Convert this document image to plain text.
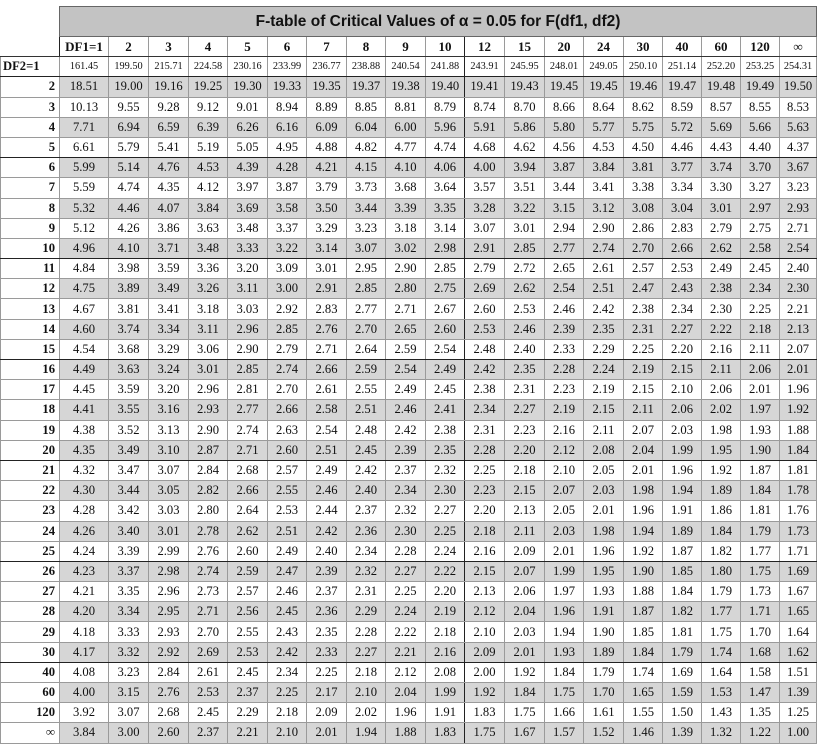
	F-table of Critical Values of α = 0.05 for F(df1, df2)																		
	DF1=1	2	3	4	5	6	7	8	9	10	12	15	20	24	30	40	60	120	∞
DF2=1	161.45	199.50	215.71	224.58	230.16	233.99	236.77	238.88	240.54	241.88	243.91	245.95	248.01	249.05	250.10	251.14	252.20	253.25	254.31
2	18.51	19.00	19.16	19.25	19.30	19.33	19.35	19.37	19.38	19.40	19.41	19.43	19.45	19.45	19.46	19.47	19.48	19.49	19.50
3	10.13	9.55	9.28	9.12	9.01	8.94	8.89	8.85	8.81	8.79	8.74	8.70	8.66	8.64	8.62	8.59	8.57	8.55	8.53
4	7.71	6.94	6.59	6.39	6.26	6.16	6.09	6.04	6.00	5.96	5.91	5.86	5.80	5.77	5.75	5.72	5.69	5.66	5.63
5	6.61	5.79	5.41	5.19	5.05	4.95	4.88	4.82	4.77	4.74	4.68	4.62	4.56	4.53	4.50	4.46	4.43	4.40	4.37
6	5.99	5.14	4.76	4.53	4.39	4.28	4.21	4.15	4.10	4.06	4.00	3.94	3.87	3.84	3.81	3.77	3.74	3.70	3.67
7	5.59	4.74	4.35	4.12	3.97	3.87	3.79	3.73	3.68	3.64	3.57	3.51	3.44	3.41	3.38	3.34	3.30	3.27	3.23
8	5.32	4.46	4.07	3.84	3.69	3.58	3.50	3.44	3.39	3.35	3.28	3.22	3.15	3.12	3.08	3.04	3.01	2.97	2.93
9	5.12	4.26	3.86	3.63	3.48	3.37	3.29	3.23	3.18	3.14	3.07	3.01	2.94	2.90	2.86	2.83	2.79	2.75	2.71
10	4.96	4.10	3.71	3.48	3.33	3.22	3.14	3.07	3.02	2.98	2.91	2.85	2.77	2.74	2.70	2.66	2.62	2.58	2.54
11	4.84	3.98	3.59	3.36	3.20	3.09	3.01	2.95	2.90	2.85	2.79	2.72	2.65	2.61	2.57	2.53	2.49	2.45	2.40
12	4.75	3.89	3.49	3.26	3.11	3.00	2.91	2.85	2.80	2.75	2.69	2.62	2.54	2.51	2.47	2.43	2.38	2.34	2.30
13	4.67	3.81	3.41	3.18	3.03	2.92	2.83	2.77	2.71	2.67	2.60	2.53	2.46	2.42	2.38	2.34	2.30	2.25	2.21
14	4.60	3.74	3.34	3.11	2.96	2.85	2.76	2.70	2.65	2.60	2.53	2.46	2.39	2.35	2.31	2.27	2.22	2.18	2.13
15	4.54	3.68	3.29	3.06	2.90	2.79	2.71	2.64	2.59	2.54	2.48	2.40	2.33	2.29	2.25	2.20	2.16	2.11	2.07
16	4.49	3.63	3.24	3.01	2.85	2.74	2.66	2.59	2.54	2.49	2.42	2.35	2.28	2.24	2.19	2.15	2.11	2.06	2.01
17	4.45	3.59	3.20	2.96	2.81	2.70	2.61	2.55	2.49	2.45	2.38	2.31	2.23	2.19	2.15	2.10	2.06	2.01	1.96
18	4.41	3.55	3.16	2.93	2.77	2.66	2.58	2.51	2.46	2.41	2.34	2.27	2.19	2.15	2.11	2.06	2.02	1.97	1.92
19	4.38	3.52	3.13	2.90	2.74	2.63	2.54	2.48	2.42	2.38	2.31	2.23	2.16	2.11	2.07	2.03	1.98	1.93	1.88
20	4.35	3.49	3.10	2.87	2.71	2.60	2.51	2.45	2.39	2.35	2.28	2.20	2.12	2.08	2.04	1.99	1.95	1.90	1.84
21	4.32	3.47	3.07	2.84	2.68	2.57	2.49	2.42	2.37	2.32	2.25	2.18	2.10	2.05	2.01	1.96	1.92	1.87	1.81
22	4.30	3.44	3.05	2.82	2.66	2.55	2.46	2.40	2.34	2.30	2.23	2.15	2.07	2.03	1.98	1.94	1.89	1.84	1.78
23	4.28	3.42	3.03	2.80	2.64	2.53	2.44	2.37	2.32	2.27	2.20	2.13	2.05	2.01	1.96	1.91	1.86	1.81	1.76
24	4.26	3.40	3.01	2.78	2.62	2.51	2.42	2.36	2.30	2.25	2.18	2.11	2.03	1.98	1.94	1.89	1.84	1.79	1.73
25	4.24	3.39	2.99	2.76	2.60	2.49	2.40	2.34	2.28	2.24	2.16	2.09	2.01	1.96	1.92	1.87	1.82	1.77	1.71
26	4.23	3.37	2.98	2.74	2.59	2.47	2.39	2.32	2.27	2.22	2.15	2.07	1.99	1.95	1.90	1.85	1.80	1.75	1.69
27	4.21	3.35	2.96	2.73	2.57	2.46	2.37	2.31	2.25	2.20	2.13	2.06	1.97	1.93	1.88	1.84	1.79	1.73	1.67
28	4.20	3.34	2.95	2.71	2.56	2.45	2.36	2.29	2.24	2.19	2.12	2.04	1.96	1.91	1.87	1.82	1.77	1.71	1.65
29	4.18	3.33	2.93	2.70	2.55	2.43	2.35	2.28	2.22	2.18	2.10	2.03	1.94	1.90	1.85	1.81	1.75	1.70	1.64
30	4.17	3.32	2.92	2.69	2.53	2.42	2.33	2.27	2.21	2.16	2.09	2.01	1.93	1.89	1.84	1.79	1.74	1.68	1.62
40	4.08	3.23	2.84	2.61	2.45	2.34	2.25	2.18	2.12	2.08	2.00	1.92	1.84	1.79	1.74	1.69	1.64	1.58	1.51
60	4.00	3.15	2.76	2.53	2.37	2.25	2.17	2.10	2.04	1.99	1.92	1.84	1.75	1.70	1.65	1.59	1.53	1.47	1.39
120	3.92	3.07	2.68	2.45	2.29	2.18	2.09	2.02	1.96	1.91	1.83	1.75	1.66	1.61	1.55	1.50	1.43	1.35	1.25
∞	3.84	3.00	2.60	2.37	2.21	2.10	2.01	1.94	1.88	1.83	1.75	1.67	1.57	1.52	1.46	1.39	1.32	1.22	1.00
